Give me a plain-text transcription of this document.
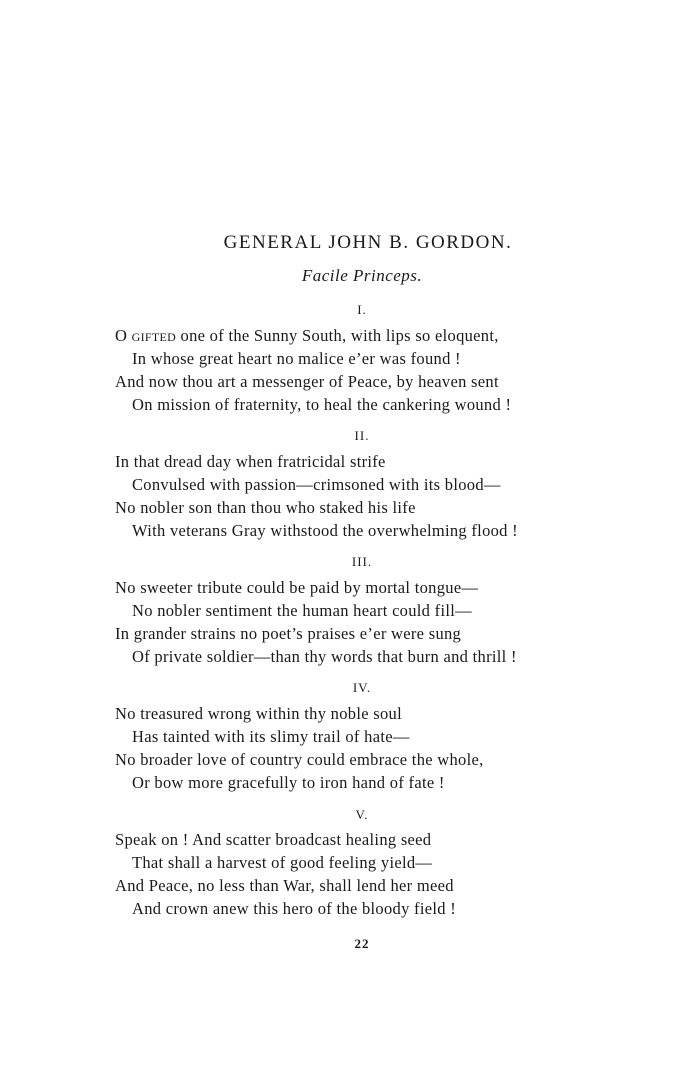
GENERAL JOHN B. GORDON.
Facile Princeps.
I.
O gifted one of the Sunny South, with lips so eloquent,
In whose great heart no malice e’er was found !
And now thou art a messenger of Peace, by heaven sent
On mission of fraternity, to heal the cankering wound !
II.
In that dread day when fratricidal strife
Convulsed with passion—crimsoned with its blood—
No nobler son than thou who staked his life
With veterans Gray withstood the overwhelming flood !
III.
No sweeter tribute could be paid by mortal tongue—
No nobler sentiment the human heart could fill—
In grander strains no poet’s praises e’er were sung
Of private soldier—than thy words that burn and thrill !
IV.
No treasured wrong within thy noble soul
Has tainted with its slimy trail of hate—
No broader love of country could embrace the whole,
Or bow more gracefully to iron hand of fate !
V.
Speak on ! And scatter broadcast healing seed
That shall a harvest of good feeling yield—
And Peace, no less than War, shall lend her meed
And crown anew this hero of the bloody field !
22
